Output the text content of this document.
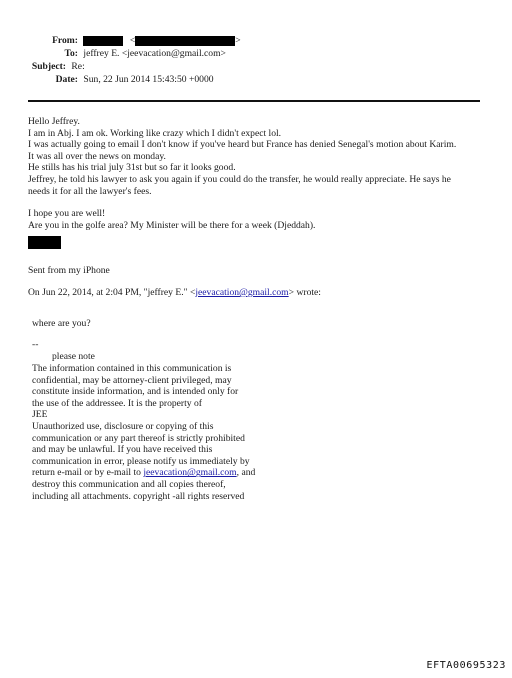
From:	<	>
To: jeffrey E. <jeevacation@gmail.com>
Subject: Re:
Date: Sun, 22 Jun 2014 15:43:50 +0000
Hello Jeffrey.
I am in Abj. I am ok. Working like crazy which I didn't expect lol.
I was actually going to email I don't know if you've heard but France has denied Senegal's motion about Karim.
It was all over the news on monday.
He stills has his trial july 31st but so far it looks good.
Jeffrey, he told his lawyer to ask you again if you could do the transfer, he would really appreciate. He says he
needs it for all the lawyer's fees.
I hope you are well!
Are you in the golfe area? My Minister will be there for a week (Djeddah).
Sent from my iPhone
On Jun 22, 2014, at 2:04 PM, "jeffrey E." <jeevacation@gmail.com> wrote:
where are you?
--
please note
The information contained in this communication is
confidential, may be attorney-client privileged, may
constitute inside information, and is intended only for
the use of the addressee. It is the property of
JEE
Unauthorized use, disclosure or copying of this
communication or any part thereof is strictly prohibited
and may be unlawful. If you have received this
communication in error, please notify us immediately by
return e-mail or by e-mail to jeevacation@gmail.com, and
destroy this communication and all copies thereof,
including all attachments. copyright -all rights reserved
EFTA00695323
